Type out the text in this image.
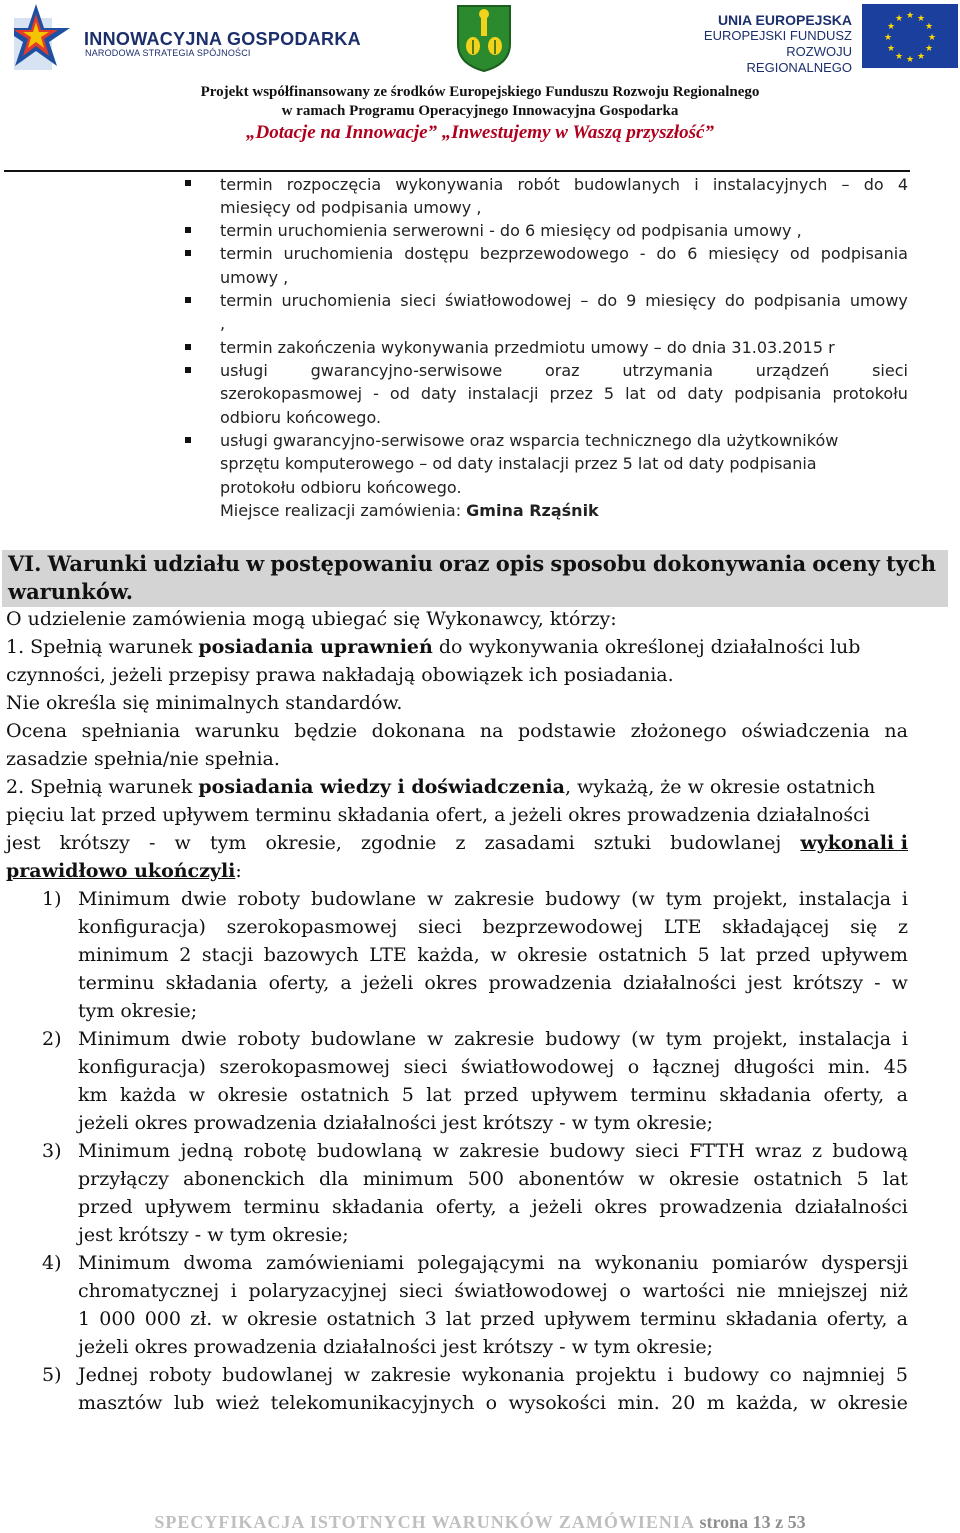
INNOWACYJNA GOSPODARKA
NARODOWA STRATEGIA SPÓJNOŚCI
UNIA EUROPEJSKA
EUROPEJSKI FUNDUSZ
ROZWOJU REGIONALNEGO
★ ★
★
★
★
★
★
★
★
★
★
★
Projekt współfinansowany ze środków Europejskiego Funduszu Rozwoju Regionalnego
w ramach Programu Operacyjnego Innowacyjna Gospodarka
„Dotacje na Innowacje” „Inwestujemy w Waszą przyszłość”
termin rozpoczęcia wykonywania robót budowlanych i instalacyjnych – do 4
miesięcy od podpisania umowy ,
termin uruchomienia serwerowni - do 6 miesięcy od podpisania umowy ,
termin uruchomienia dostępu bezprzewodowego - do 6 miesięcy od podpisania
umowy ,
termin uruchomienia sieci światłowodowej – do 9 miesięcy do podpisania umowy
,
termin zakończenia wykonywania przedmiotu umowy – do dnia 31.03.2015 r
usługi	gwarancyjno-serwisowe	oraz	utrzymania	urządzeń	sieci
szerokopasmowej - od daty instalacji przez 5 lat od daty podpisania protokołu
odbioru końcowego.
usługi gwarancyjno-serwisowe oraz wsparcia technicznego dla użytkowników
sprzętu komputerowego – od daty instalacji przez 5 lat od daty podpisania
protokołu odbioru końcowego.
Miejsce realizacji zamówienia: Gmina Rząśnik
VI. Warunki udziału w postępowaniu oraz opis sposobu dokonywania oceny tych
warunków.
O udzielenie zamówienia mogą ubiegać się Wykonawcy, którzy:
1. Spełnią warunek posiadania uprawnień do wykonywania określonej działalności lub
czynności, jeżeli przepisy prawa nakładają obowiązek ich posiadania.
Nie określa się minimalnych standardów.
Ocena spełniania warunku będzie dokonana na podstawie złożonego oświadczenia na
zasadzie spełnia/nie spełnia.
2. Spełnią warunek posiadania wiedzy i doświadczenia, wykażą, że w okresie ostatnich
pięciu lat przed upływem terminu składania ofert, a jeżeli okres prowadzenia działalności
jest krótszy - w tym okresie, zgodnie z zasadami sztuki budowlanej wykonali i
prawidłowo ukończyli:
1) Minimum dwie roboty budowlane w zakresie budowy (w tym projekt, instalacja i
konfiguracja) szerokopasmowej sieci bezprzewodowej LTE składającej się z
minimum 2 stacji bazowych LTE każda, w okresie ostatnich 5 lat przed upływem
terminu składania oferty, a jeżeli okres prowadzenia działalności jest krótszy - w
tym okresie;
2) Minimum dwie roboty budowlane w zakresie budowy (w tym projekt, instalacja i
konfiguracja) szerokopasmowej sieci światłowodowej o łącznej długości min. 45
km każda w okresie ostatnich 5 lat przed upływem terminu składania oferty, a
jeżeli okres prowadzenia działalności jest krótszy - w tym okresie;
3) Minimum jedną robotę budowlaną w zakresie budowy sieci FTTH wraz z budową
przyłączy abonenckich dla minimum 500 abonentów w okresie ostatnich 5 lat
przed upływem terminu składania oferty, a jeżeli okres prowadzenia działalności
jest krótszy - w tym okresie;
4) Minimum dwoma zamówieniami polegającymi na wykonaniu pomiarów dyspersji
chromatycznej i polaryzacyjnej sieci światłowodowej o wartości nie mniejszej niż
1 000 000 zł. w okresie ostatnich 3 lat przed upływem terminu składania oferty, a
jeżeli okres prowadzenia działalności jest krótszy - w tym okresie;
5) Jednej roboty budowlanej w zakresie wykonania projektu i budowy co najmniej 5
masztów lub wież telekomunikacyjnych o wysokości min. 20 m każda, w okresie
SPECYFIKACJA ISTOTNYCH WARUNKÓW ZAMÓWIENIA strona 13 z 53
